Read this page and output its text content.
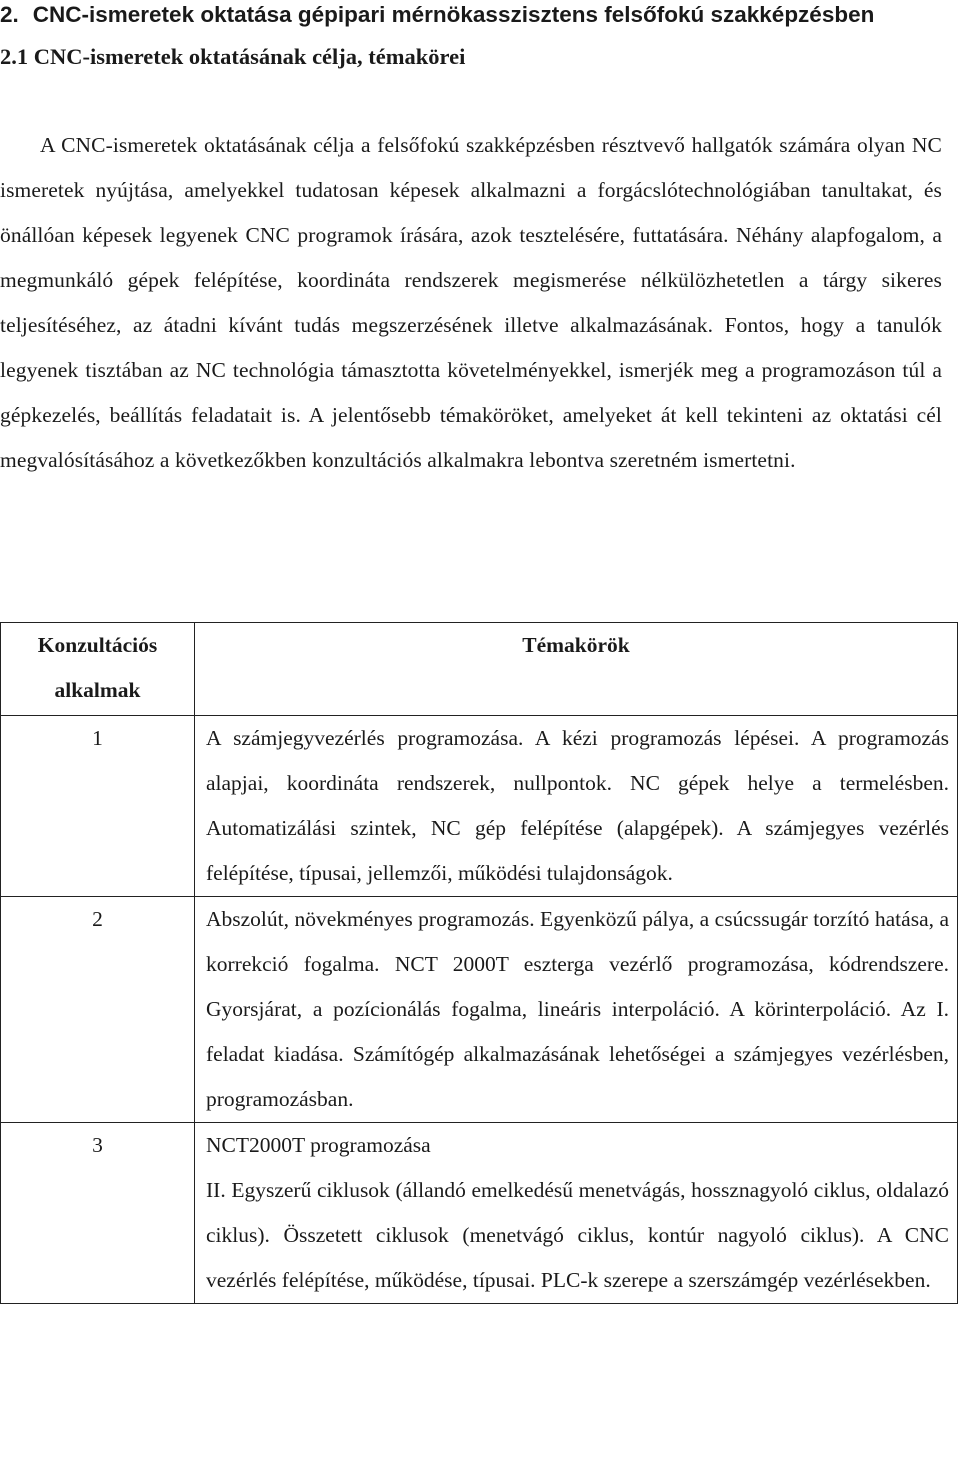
2. CNC-ismeretek oktatása gépipari mérnökasszisztens felsőfokú szakképzésben
2.1 CNC-ismeretek oktatásának célja, témakörei

A CNC-ismeretek oktatásának célja a felsőfokú szakképzésben résztvevő hallgatók számára olyan NC ismeretek nyújtása, amelyekkel tudatosan képesek alkalmazni a forgácslótechnológiában tanultakat, és önállóan képesek legyenek CNC programok írására, azok tesztelésére, futtatására. Néhány alapfogalom, a megmunkáló gépek felépítése, koordináta rendszerek megismerése nélkülözhetetlen a tárgy sikeres teljesítéséhez, az átadni kívánt tudás megszerzésének illetve alkalmazásának. Fontos, hogy a tanulók legyenek tisztában az NC technológia támasztotta követelményekkel, ismerjék meg a programozáson túl a gépkezelés, beállítás feladatait is. A jelentősebb témaköröket, amelyeket át kell tekinteni az oktatási cél megvalósításához a következőkben konzultációs alkalmakra lebontva szeretném ismertetni.

Konzultációs
alkalmak	Témakörök
1	A számjegyvezérlés programozása. A kézi programozás lépései. A programozás alapjai, koordináta rendszerek, nullpontok. NC gépek helye a termelésben. Automatizálási szintek, NC gép felépítése (alapgépek). A számjegyes vezérlés felépítése, típusai, jellemzői, működési tulajdonságok.
2	Abszolút, növekményes programozás. Egyenközű pálya, a csúcssugár torzító hatása, a korrekció fogalma. NCT 2000T eszterga vezérlő programozása, kódrendszere. Gyorsjárat, a pozícionálás fogalma, lineáris interpoláció. A körinterpoláció. Az I. feladat kiadása. Számítógép alkalmazásának lehetőségei a számjegyes vezérlésben, programozásban.
3	NCT2000T programozása
II. Egyszerű ciklusok (állandó emelkedésű menetvágás, hossznagyoló ciklus, oldalazó ciklus). Összetett ciklusok (menetvágó ciklus, kontúr nagyoló ciklus). A CNC vezérlés felépítése, működése, típusai. PLC-k szerepe a szerszámgép vezérlésekben.
